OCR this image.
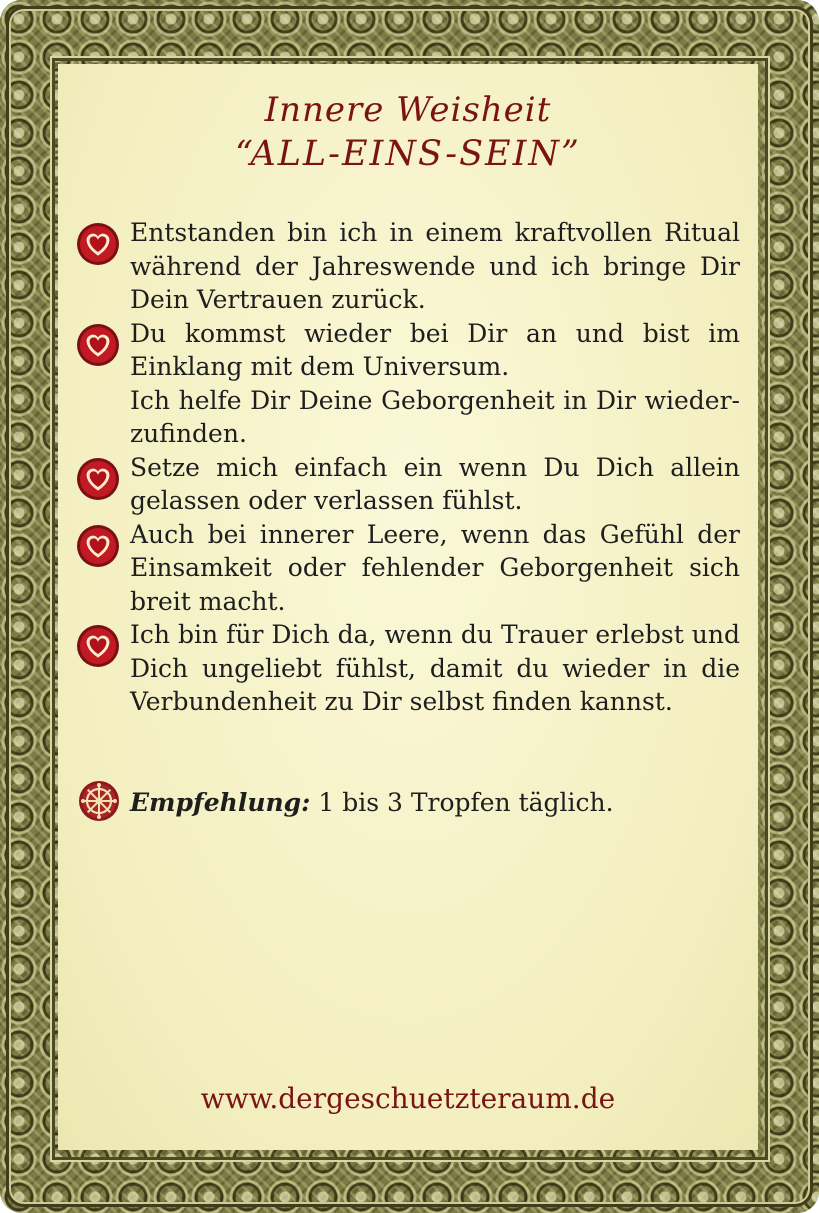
Innere Weisheit
“ALL-EINS-SEIN”

Entstanden bin ich in einem kraftvollen Ritual während der Jahreswende und ich bringe Dir Dein Vertrauen zurück.

Du kommst wieder bei Dir an und bist im Einklang mit dem Universum.

Ich helfe Dir Deine Geborgenheit in Dir wieder-zufinden.

Setze mich einfach ein wenn Du Dich allein gelassen oder verlassen fühlst.

Auch bei innerer Leere, wenn das Gefühl der Einsamkeit oder fehlender Geborgenheit sich breit macht.

Ich bin für Dich da, wenn du Trauer erlebst und Dich ungeliebt fühlst, damit du wieder in die Verbundenheit zu Dir selbst finden kannst.

Empfehlung: 1 bis 3 Tropfen täglich.
www.dergeschuetzteraum.de
